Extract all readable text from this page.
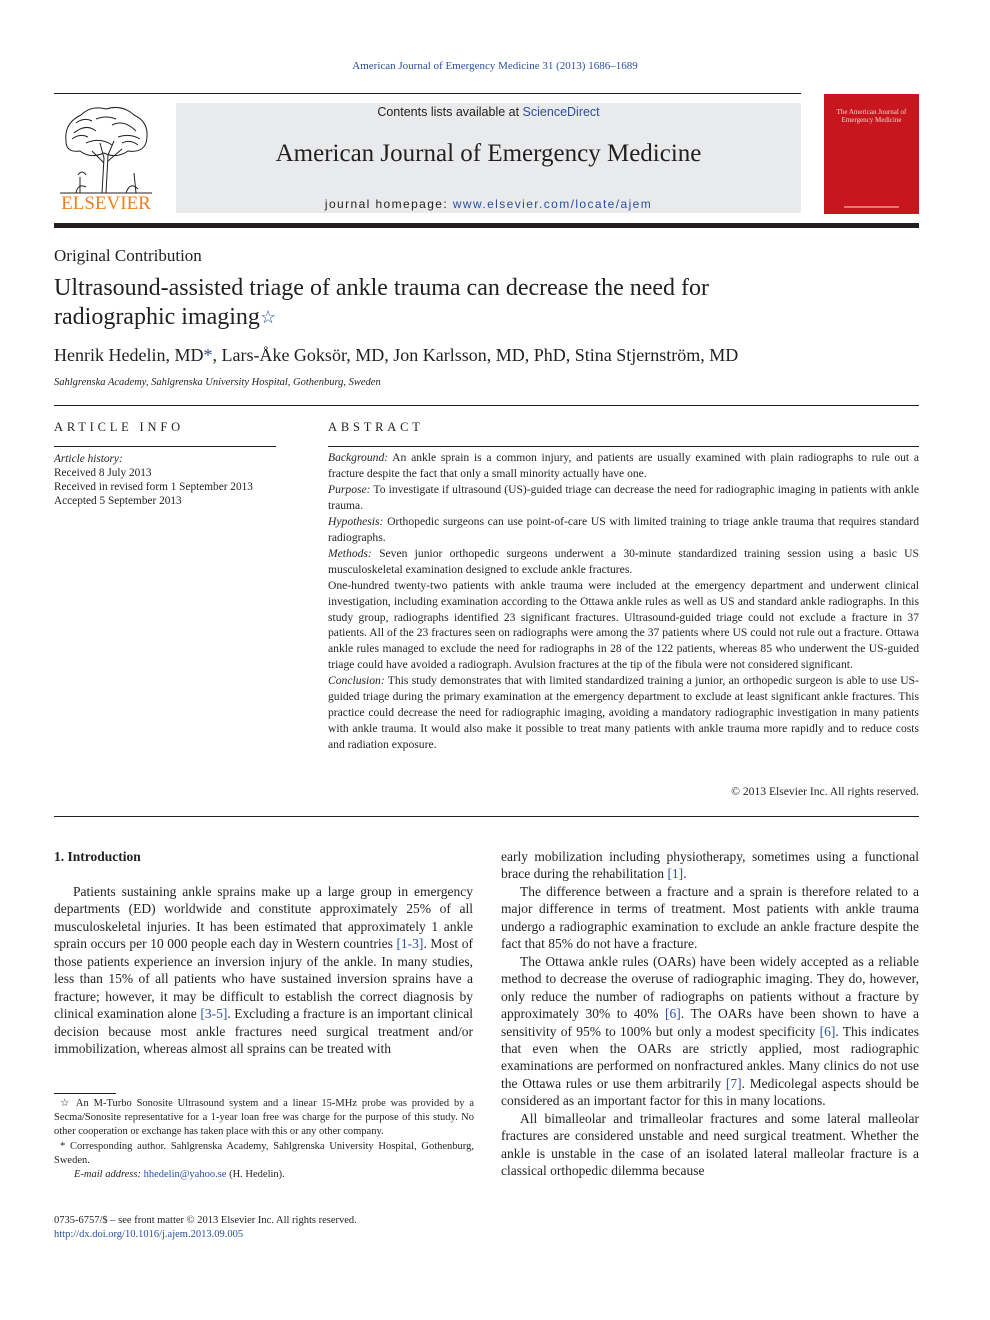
American Journal of Emergency Medicine 31 (2013) 1686–1689
ELSEVIER
Contents lists available at ScienceDirect
American Journal of Emergency Medicine
journal homepage: www.elsevier.com/locate/ajem
The American Journal of Emergency Medicine
Original Contribution
Ultrasound-assisted triage of ankle trauma can decrease the need for
radiographic imaging☆
Henrik Hedelin, MD*, Lars-Åke Goksör, MD, Jon Karlsson, MD, PhD, Stina Stjernström, MD
Sahlgrenska Academy, Sahlgrenska University Hospital, Gothenburg, Sweden
ARTICLE INFO	ABSTRACT
Article history:
Received 8 July 2013
Received in revised form 1 September 2013
Accepted 5 September 2013

Background: An ankle sprain is a common injury, and patients are usually examined with plain radiographs to rule out a fracture despite the fact that only a small minority actually have one.

Purpose: To investigate if ultrasound (US)-guided triage can decrease the need for radiographic imaging in patients with ankle trauma.

Hypothesis: Orthopedic surgeons can use point-of-care US with limited training to triage ankle trauma that requires standard radiographs.

Methods: Seven junior orthopedic surgeons underwent a 30-minute standardized training session using a basic US musculoskeletal examination designed to exclude ankle fractures.

One-hundred twenty-two patients with ankle trauma were included at the emergency department and underwent clinical investigation, including examination according to the Ottawa ankle rules as well as US and standard ankle radiographs. In this study group, radiographs identified 23 significant fractures. Ultrasound-guided triage could not exclude a fracture in 37 patients. All of the 23 fractures seen on radiographs were among the 37 patients where US could not rule out a fracture. Ottawa ankle rules managed to exclude the need for radiographs in 28 of the 122 patients, whereas 85 who underwent the US-guided triage could have avoided a radiograph. Avulsion fractures at the tip of the fibula were not considered significant.

Conclusion: This study demonstrates that with limited standardized training a junior, an orthopedic surgeon is able to use US-guided triage during the primary examination at the emergency department to exclude at least significant ankle fractures. This practice could decrease the need for radiographic imaging, avoiding a mandatory radiographic investigation in many patients with ankle trauma. It would also make it possible to treat many patients with ankle trauma more rapidly and to reduce costs and radiation exposure.

© 2013 Elsevier Inc. All rights reserved.
1. Introduction

Patients sustaining ankle sprains make up a large group in emergency departments (ED) worldwide and constitute approximately 25% of all musculoskeletal injuries. It has been estimated that approximately 1 ankle sprain occurs per 10 000 people each day in Western countries [1-3]. Most of those patients experience an inversion injury of the ankle. In many studies, less than 15% of all patients who have sustained inversion sprains have a fracture; however, it may be difficult to establish the correct diagnosis by clinical examination alone [3-5]. Excluding a fracture is an important clinical decision because most ankle fractures need surgical treatment and/or immobilization, whereas almost all sprains can be treated with

early mobilization including physiotherapy, sometimes using a functional brace during the rehabilitation [1].

The difference between a fracture and a sprain is therefore related to a major difference in terms of treatment. Most patients with ankle trauma undergo a radiographic examination to exclude an ankle fracture despite the fact that 85% do not have a fracture.

The Ottawa ankle rules (OARs) have been widely accepted as a reliable method to decrease the overuse of radiographic imaging. They do, however, only reduce the number of radiographs on patients without a fracture by approximately 30% to 40% [6]. The OARs have been shown to have a sensitivity of 95% to 100% but only a modest specificity [6]. This indicates that even when the OARs are strictly applied, most radiographic examinations are performed on nonfractured ankles. Many clinics do not use the Ottawa rules or use them arbitrarily [7]. Medicolegal aspects should be considered as an important factor for this in many locations.

All bimalleolar and trimalleolar fractures and some lateral malleolar fractures are considered unstable and need surgical treatment. Whether the ankle is unstable in the case of an isolated lateral malleolar fracture is a classical orthopedic dilemma because

☆ An M-Turbo Sonosite Ultrasound system and a linear 15-MHz probe was provided by a Secma/Sonosite representative for a 1-year loan free was charge for the purpose of this study. No other cooperation or exchange has taken place with this or any other company.

* Corresponding author. Sahlgrenska Academy, Sahlgrenska University Hospital, Gothenburg, Sweden.

E-mail address: hhedelin@yahoo.se (H. Hedelin).

0735-6757/$ – see front matter © 2013 Elsevier Inc. All rights reserved.
http://dx.doi.org/10.1016/j.ajem.2013.09.005
